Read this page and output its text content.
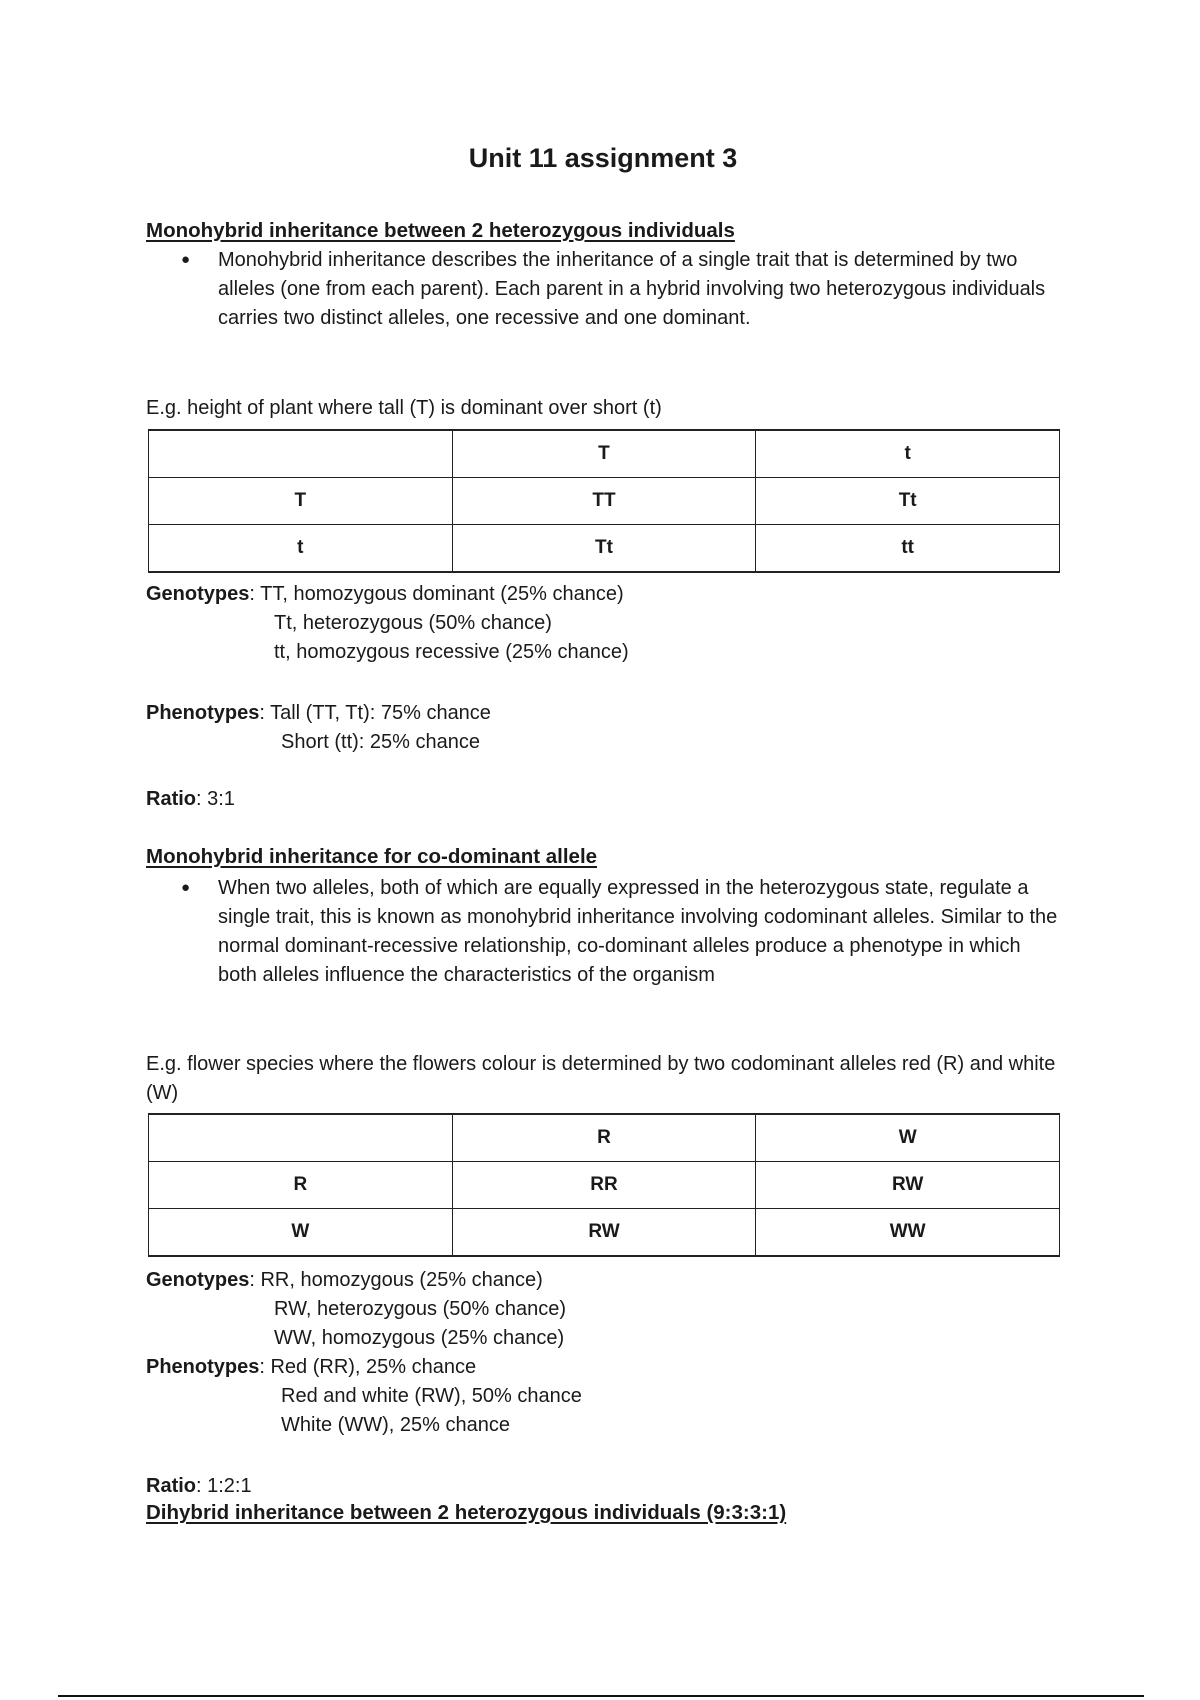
Unit 11 assignment 3
Monohybrid inheritance between 2 heterozygous individuals
● Monohybrid inheritance describes the inheritance of a single trait that is determined by two alleles (one from each parent). Each parent in a hybrid involving two heterozygous individuals carries two distinct alleles, one recessive and one dominant.
E.g. height of plant where tall (T) is dominant over short (t)
	T	t
T	TT	Tt
t	Tt	tt
Genotypes: TT, homozygous dominant (25% chance)
Tt, heterozygous (50% chance)
tt, homozygous recessive (25% chance)
Phenotypes: Tall (TT, Tt): 75% chance
Short (tt): 25% chance
Ratio: 3:1
Monohybrid inheritance for co-dominant allele
● When two alleles, both of which are equally expressed in the heterozygous state, regulate a single trait, this is known as monohybrid inheritance involving codominant alleles. Similar to the normal dominant-recessive relationship, co-dominant alleles produce a phenotype in which both alleles influence the characteristics of the organism
E.g. flower species where the flowers colour is determined by two codominant alleles red (R) and white (W)
	R	W
R	RR	RW
W	RW	WW
Genotypes: RR, homozygous (25% chance)
RW, heterozygous (50% chance)
WW, homozygous (25% chance)
Phenotypes: Red (RR), 25% chance
Red and white (RW), 50% chance
White (WW), 25% chance
Ratio: 1:2:1
Dihybrid inheritance between 2 heterozygous individuals (9:3:3:1)
